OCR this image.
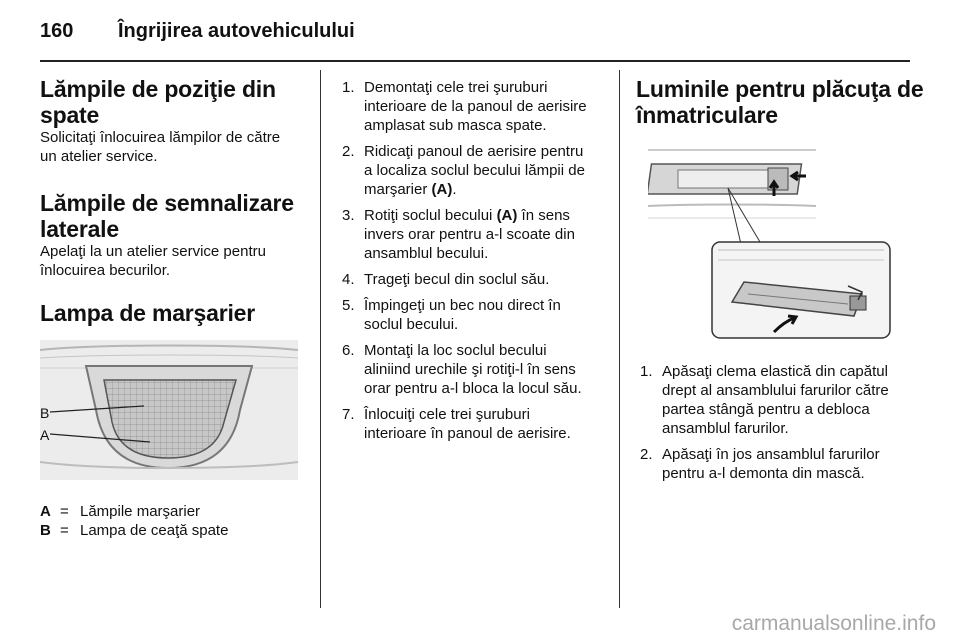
160 Îngrijirea autovehiculului
Lămpile de poziţie din
spate

Solicitaţi înlocuirea lămpilor de către
un atelier service.

Lămpile de semnalizare
laterale

Apelaţi la un atelier service pentru
înlocuirea becurilor.

Lampa de marşarier
B
A
A = Lămpile marşarier
B = Lampa de ceaţă spate
1. Demontaţi cele trei şuruburi
interioare de la panoul de aerisire
amplasat sub masca spate.
2. Ridicaţi panoul de aerisire pentru
a localiza soclul becului lămpii de
marşarier (A).
3. Rotiţi soclul becului (A) în sens
invers orar pentru a-l scoate din
ansamblul becului.
4. Trageţi becul din soclul său.
5. Împingeţi un bec nou direct în
soclul becului.
6. Montaţi la loc soclul becului
aliniind urechile şi rotiţi-l în sens
orar pentru a-l bloca la locul său.
7. Înlocuiţi cele trei şuruburi
interioare în panoul de aerisire.
Luminile pentru plăcuţa de
înmatriculare
1. Apăsaţi clema elastică din capătul
drept al ansamblului farurilor către
partea stângă pentru a debloca
ansamblul farurilor.
2. Apăsaţi în jos ansamblul farurilor
pentru a-l demonta din mască.
carmanualsonline.info
